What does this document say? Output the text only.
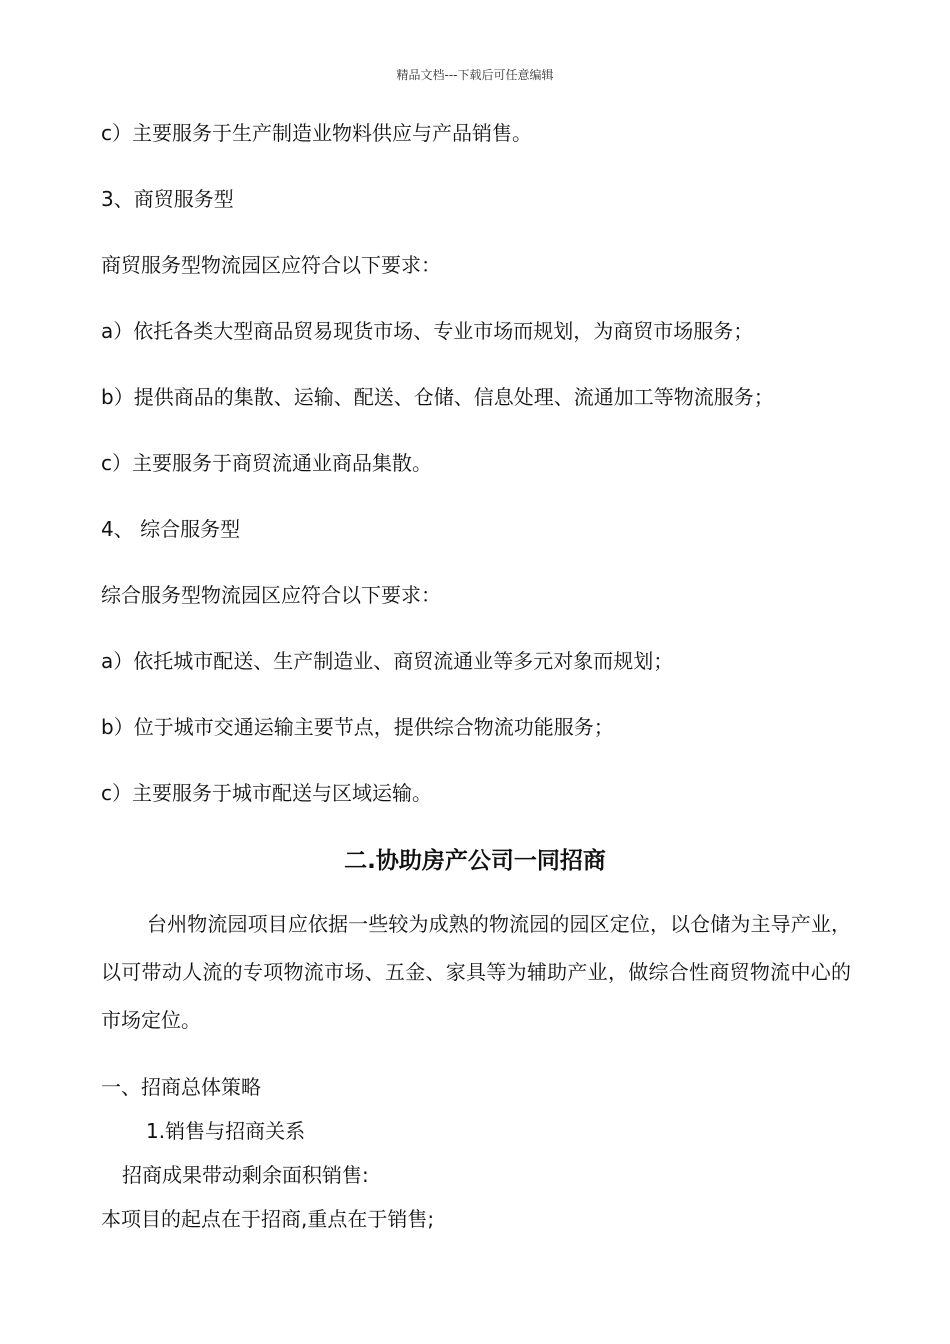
精品文档---下载后可任意编辑
c）主要服务于生产制造业物料供应与产品销售。
3、商贸服务型
商贸服务型物流园区应符合以下要求：
a）依托各类大型商品贸易现货市场、专业市场而规划，为商贸市场服务；
b）提供商品的集散、运输、配送、仓储、信息处理、流通加工等物流服务；
c）主要服务于商贸流通业商品集散。
4、 综合服务型
综合服务型物流园区应符合以下要求：
a）依托城市配送、生产制造业、商贸流通业等多元对象而规划；
b）位于城市交通运输主要节点，提供综合物流功能服务；
c）主要服务于城市配送与区域运输。
二.协助房产公司一同招商
台州物流园项目应依据一些较为成熟的物流园的园区定位，以仓储为主导产业，以可带动人流的专项物流市场、五金、家具等为辅助产业，做综合性商贸物流中心的市场定位。
一、招商总体策略
1.销售与招商关系
招商成果带动剩余面积销售:
本项目的起点在于招商,重点在于销售;
